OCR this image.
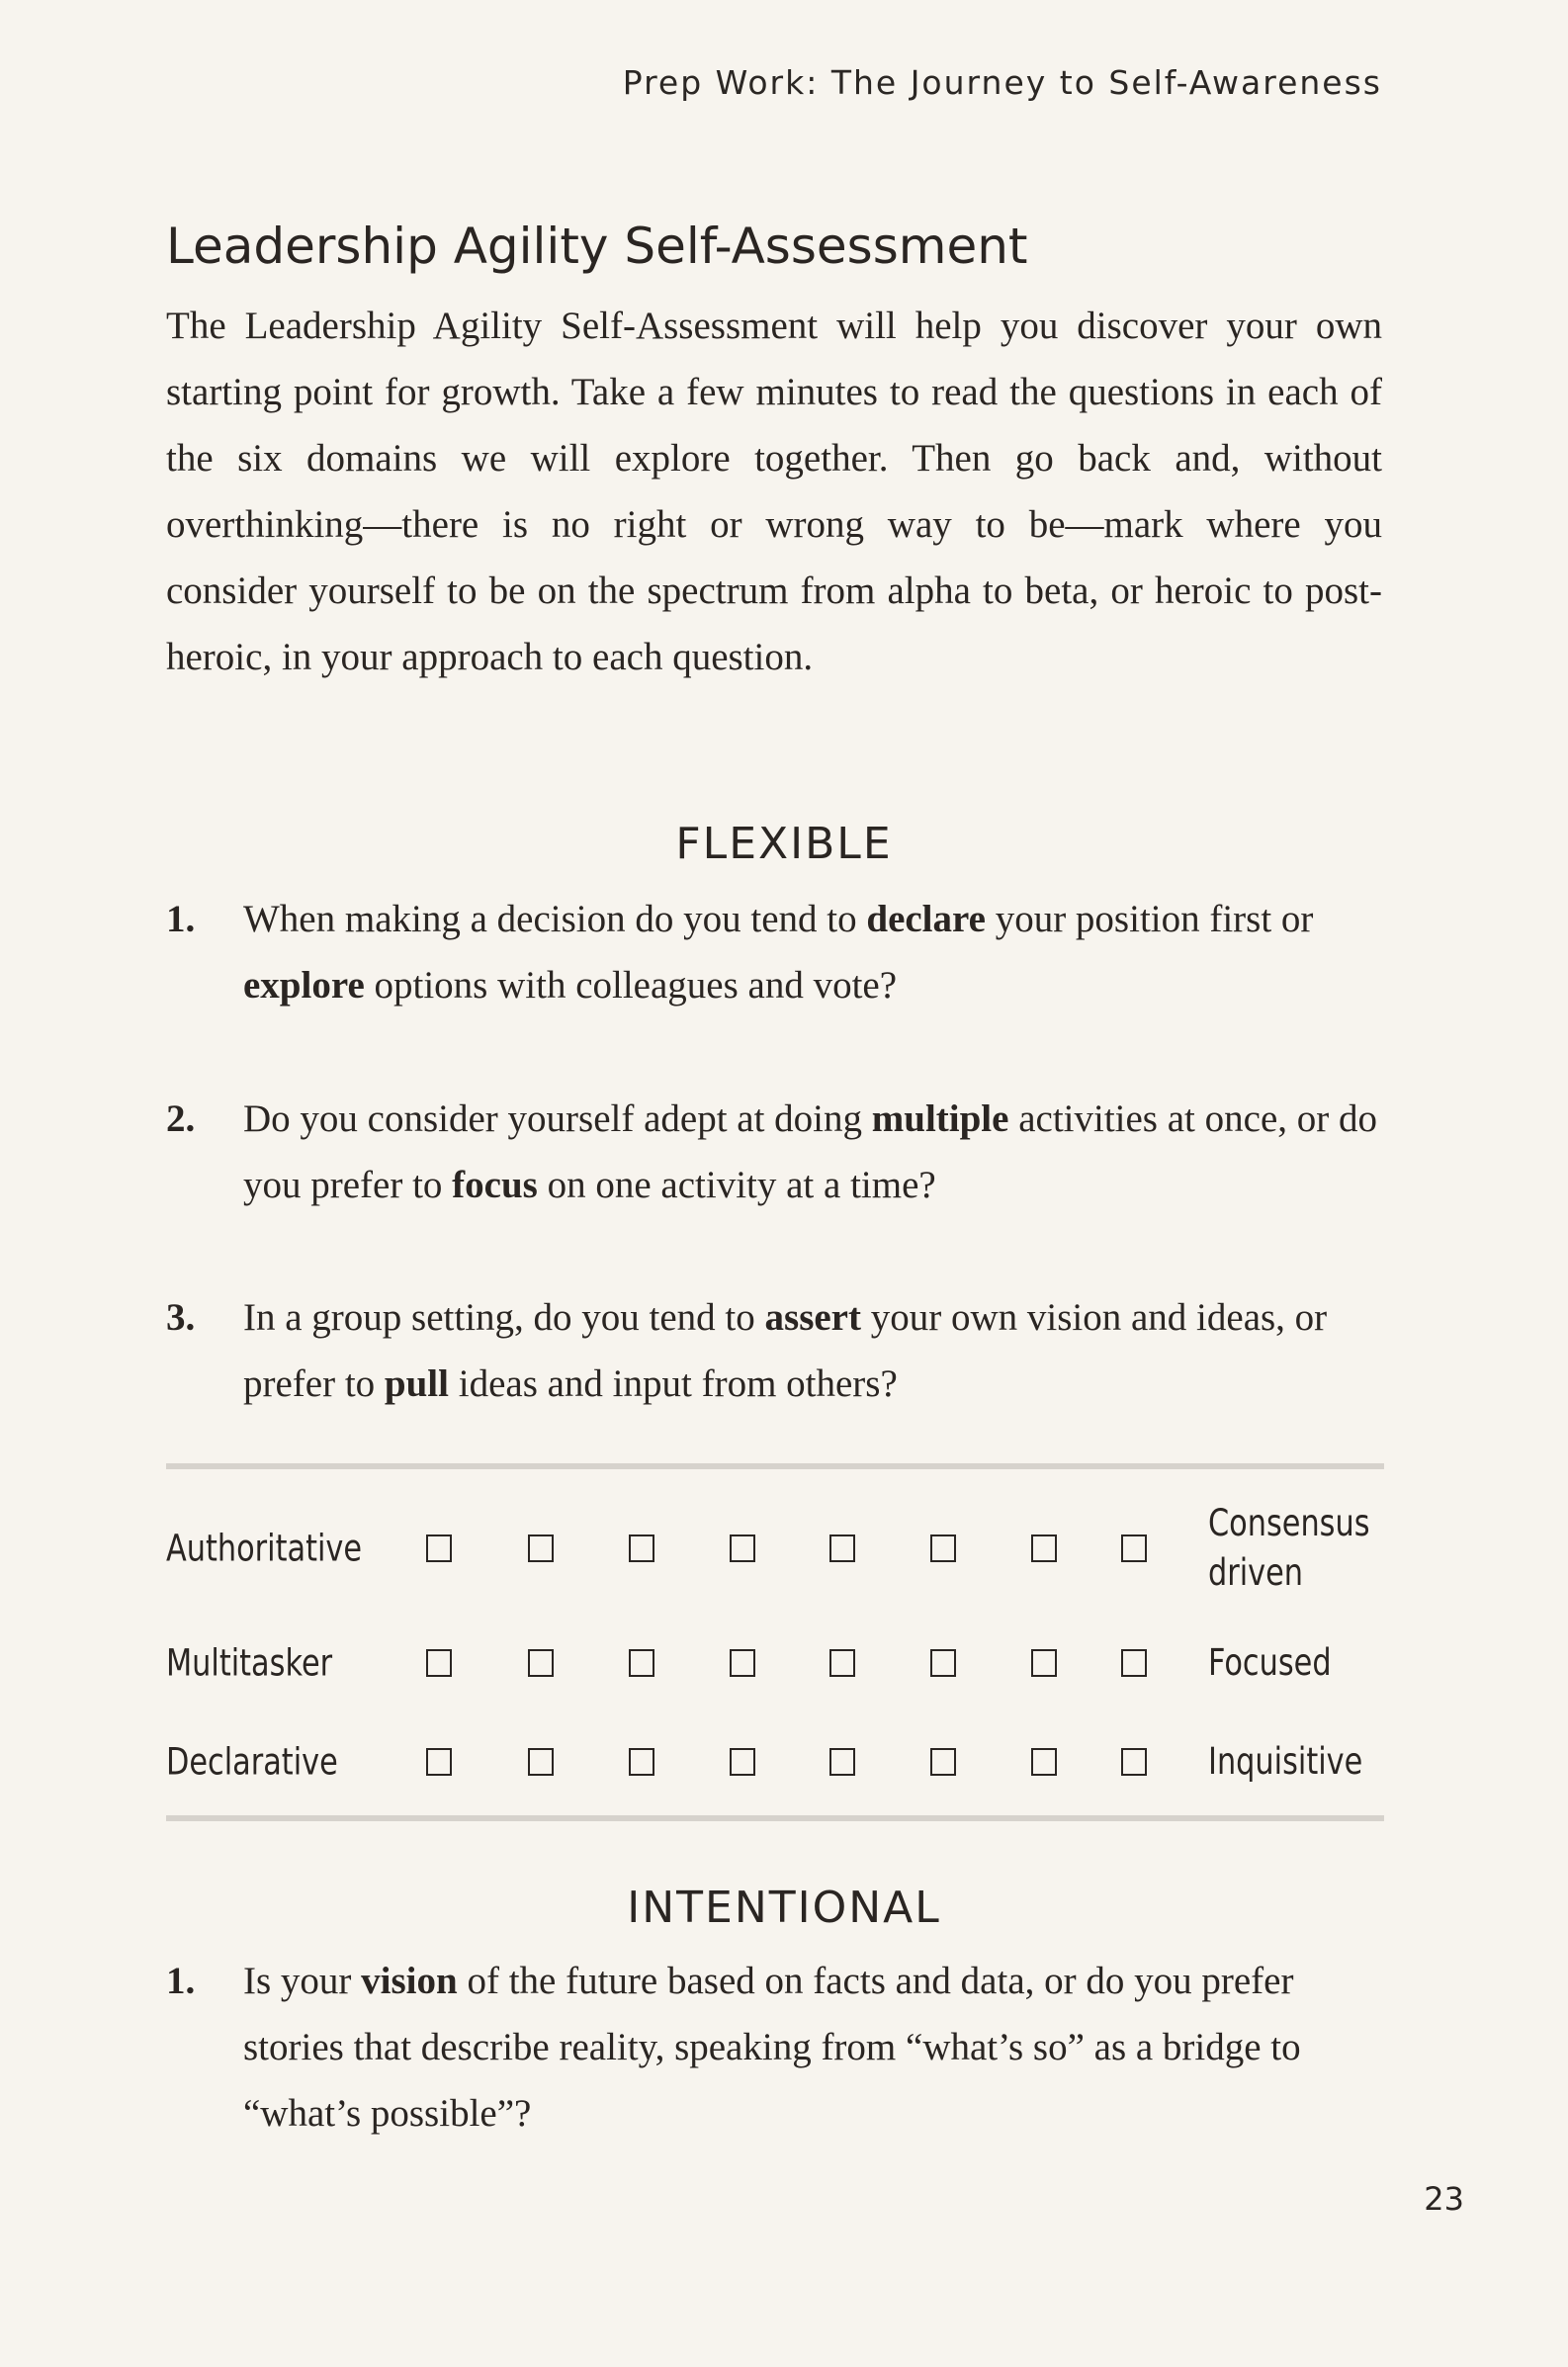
Prep Work: The Journey to Self-Awareness
Leadership Agility Self-Assessment

The Leadership Agility Self-Assessment will help you discover your own starting point for growth. Take a few minutes to read the questions in each of the six domains we will explore together. Then go back and, without overthinking—there is no right or wrong way to be—mark where you consider yourself to be on the spectrum from alpha to beta, or heroic to post-heroic, in your approach to each question.

FLEXIBLE
1. When making a decision do you tend to declare your position first or explore options with colleagues and vote?
2. Do you consider yourself adept at doing multiple activities at once, or do you prefer to focus on one activity at a time?
3. In a group setting, do you tend to assert your own vision and ideas, or prefer to pull ideas and input from others?
Authoritative
Consensus
driven
Multitasker	Focused
Declarative	Inquisitive
INTENTIONAL
1. Is your vision of the future based on facts and data, or do you prefer stories that describe reality, speaking from “what’s so” as a bridge to “what’s possible”?
23
